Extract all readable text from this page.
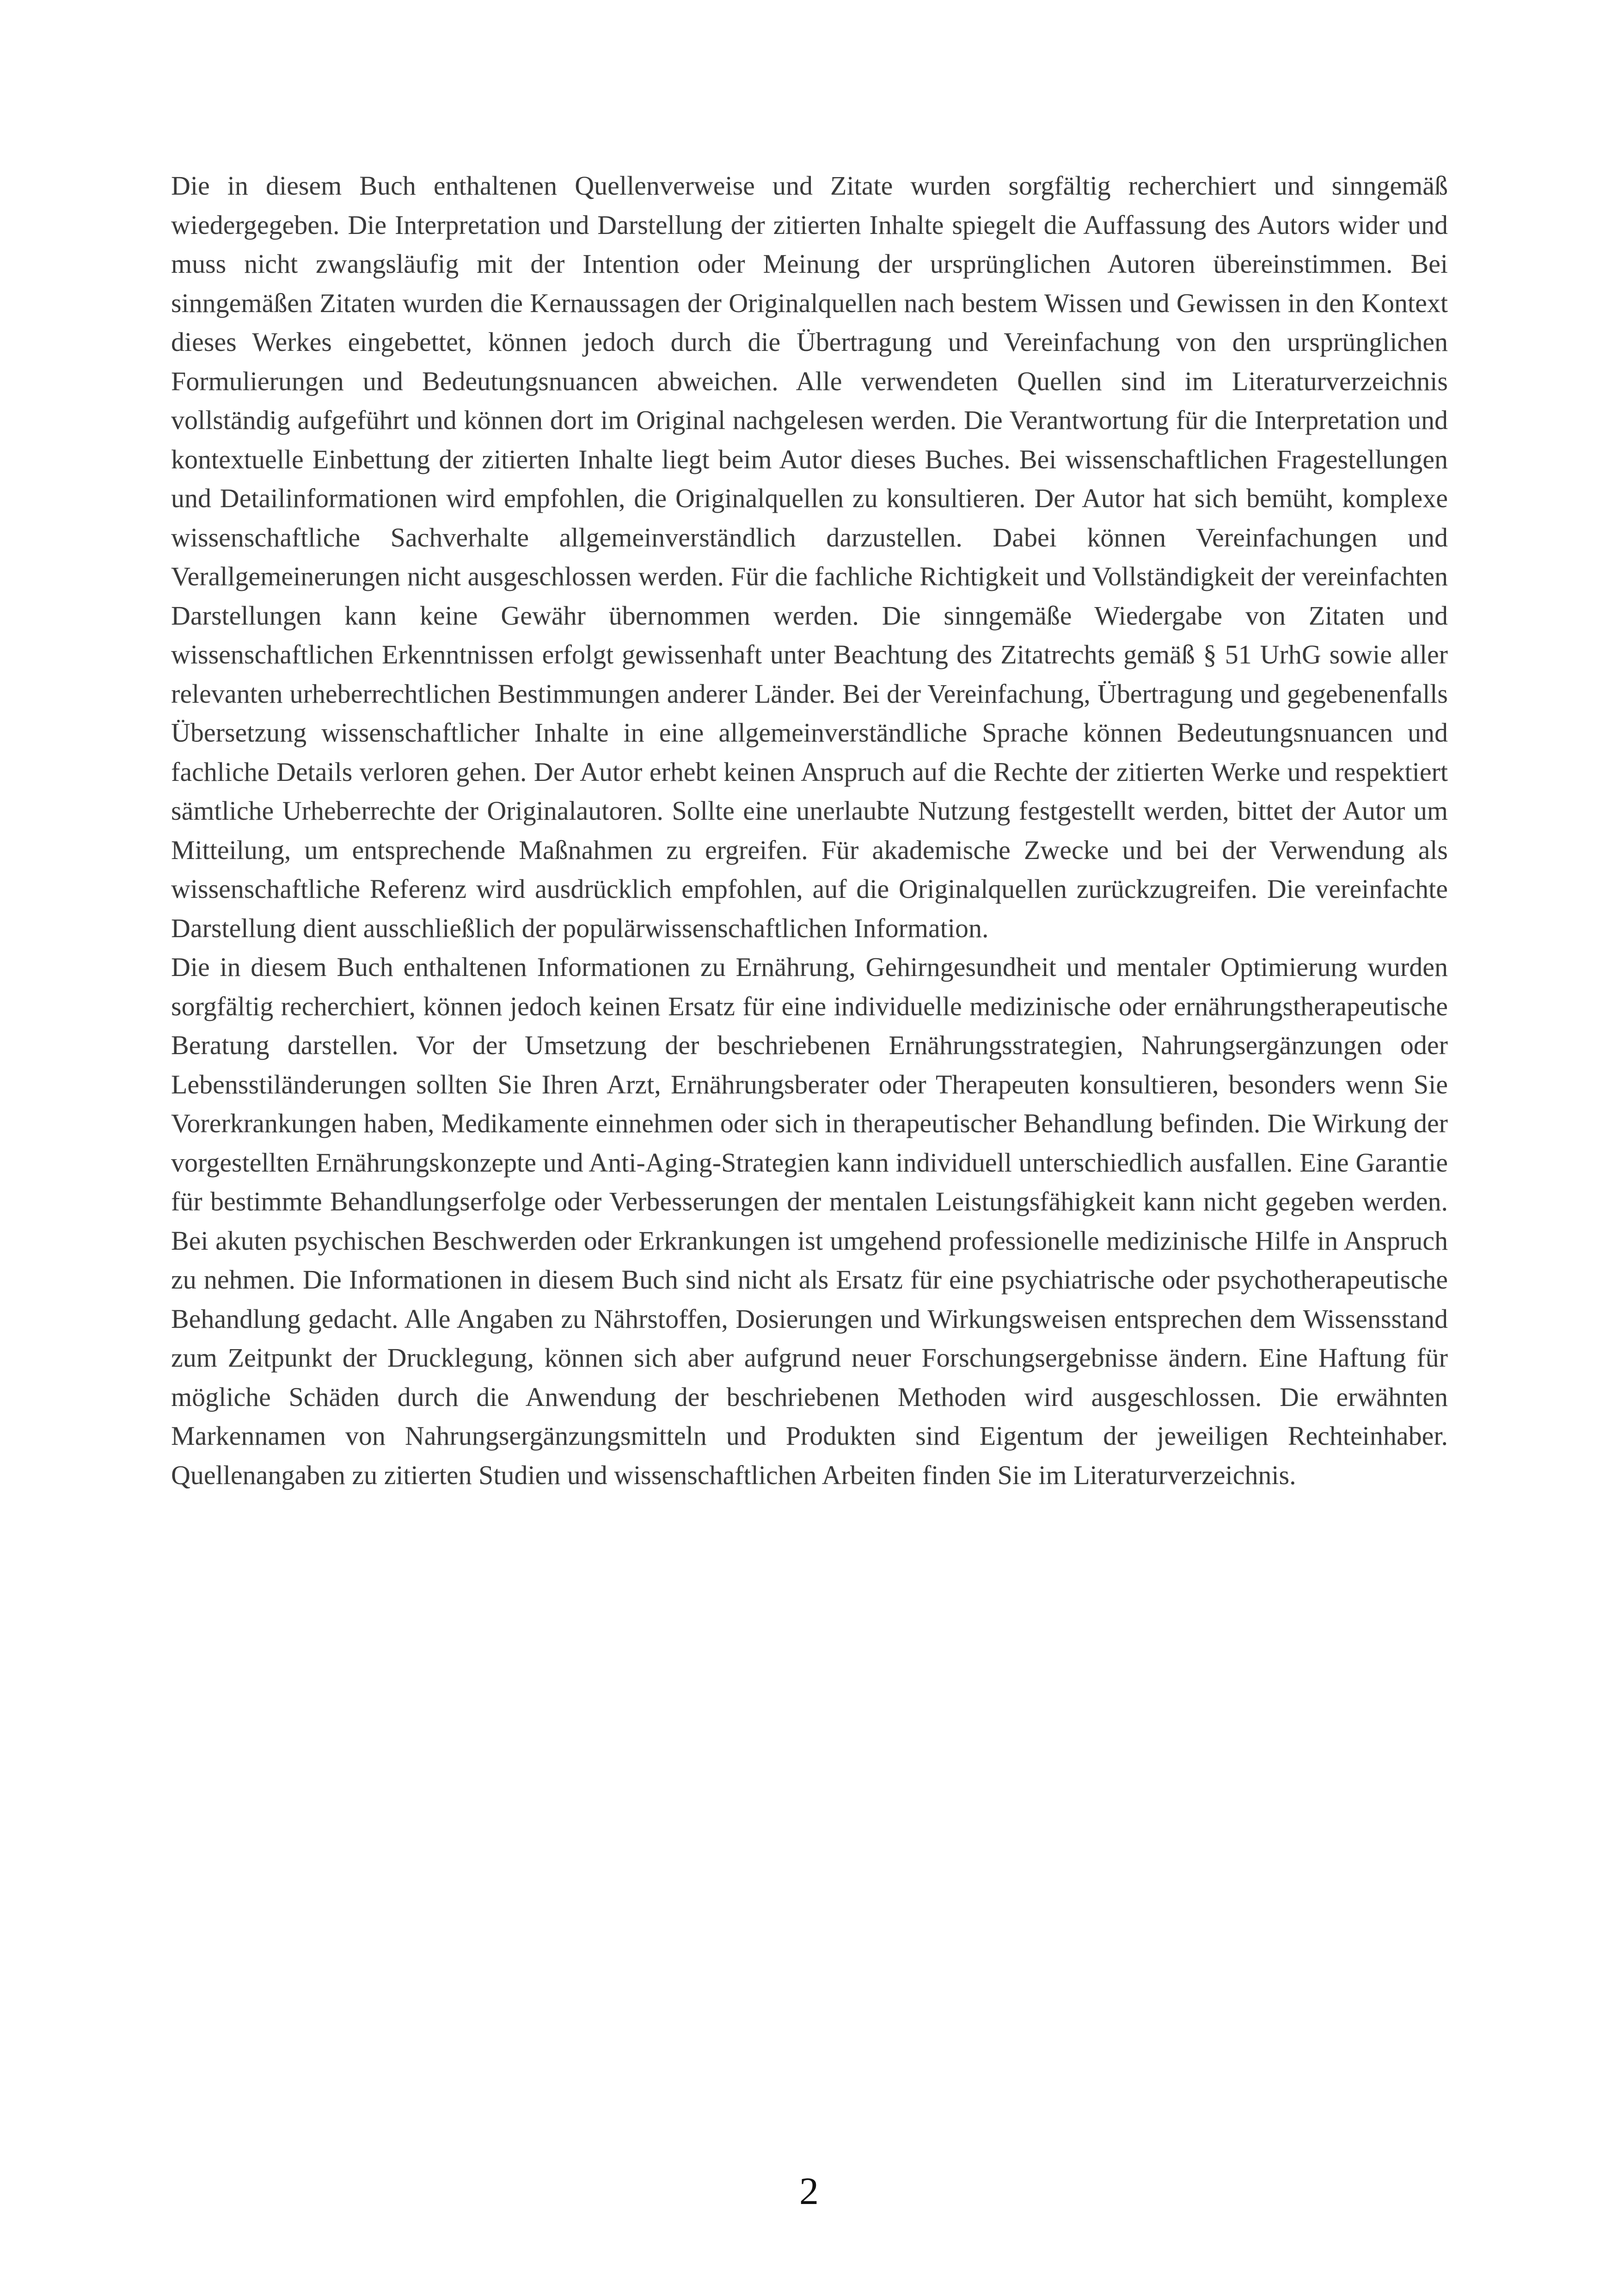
Die in diesem Buch enthaltenen Quellenverweise und Zitate wurden sorgfältig recherchiert und sinngemäß wiedergegeben. Die Interpretation und Darstellung der zitierten Inhalte spiegelt die Auffassung des Autors wider und muss nicht zwangsläufig mit der Intention oder Meinung der ursprünglichen Autoren übereinstimmen. Bei sinngemäßen Zitaten wurden die Kernaussagen der Originalquellen nach bestem Wissen und Gewissen in den Kontext dieses Werkes eingebettet, können jedoch durch die Übertragung und Vereinfachung von den ursprünglichen Formulierungen und Bedeutungsnuancen abweichen. Alle verwendeten Quellen sind im Literaturverzeichnis vollständig aufgeführt und können dort im Original nachgelesen werden. Die Verantwortung für die Interpretation und kontextuelle Einbettung der zitierten Inhalte liegt beim Autor dieses Buches. Bei wissenschaftlichen Fragestellungen und Detailinformationen wird empfohlen, die Originalquellen zu konsultieren. Der Autor hat sich bemüht, komplexe wissenschaftliche Sachverhalte allgemeinverständlich darzustellen. Dabei können Vereinfachungen und Verallgemeinerungen nicht ausgeschlossen werden. Für die fachliche Richtigkeit und Vollständigkeit der vereinfachten Darstellungen kann keine Gewähr übernommen werden. Die sinngemäße Wiedergabe von Zitaten und wissenschaftlichen Erkenntnissen erfolgt gewissenhaft unter Beachtung des Zitatrechts gemäß § 51 UrhG sowie aller relevanten urheberrechtlichen Bestimmungen anderer Länder. Bei der Vereinfachung, Übertragung und gegebenenfalls Übersetzung wissenschaftlicher Inhalte in eine allgemeinverständliche Sprache können Bedeutungsnuancen und fachliche Details verloren gehen. Der Autor erhebt keinen Anspruch auf die Rechte der zitierten Werke und respektiert sämtliche Urheberrechte der Originalautoren. Sollte eine unerlaubte Nutzung festgestellt werden, bittet der Autor um Mitteilung, um entsprechende Maßnahmen zu ergreifen. Für akademische Zwecke und bei der Verwendung als wissenschaftliche Referenz wird ausdrücklich empfohlen, auf die Originalquellen zurückzugreifen. Die vereinfachte Darstellung dient ausschließlich der populärwissenschaftlichen Information.

Die in diesem Buch enthaltenen Informationen zu Ernährung, Gehirngesundheit und mentaler Optimierung wurden sorgfältig recherchiert, können jedoch keinen Ersatz für eine individuelle medizinische oder ernährungstherapeutische Beratung darstellen. Vor der Umsetzung der beschriebenen Ernährungsstrategien, Nahrungsergänzungen oder Lebensstiländerungen sollten Sie Ihren Arzt, Ernährungsberater oder Therapeuten konsultieren, besonders wenn Sie Vorerkrankungen haben, Medikamente einnehmen oder sich in therapeutischer Behandlung befinden. Die Wirkung der vorgestellten Ernährungskonzepte und Anti-Aging-Strategien kann individuell unterschiedlich ausfallen. Eine Garantie für bestimmte Behandlungserfolge oder Verbesserungen der mentalen Leistungsfähigkeit kann nicht gegeben werden. Bei akuten psychischen Beschwerden oder Erkrankungen ist umgehend professionelle medizinische Hilfe in Anspruch zu nehmen. Die Informationen in diesem Buch sind nicht als Ersatz für eine psychiatrische oder psychotherapeutische Behandlung gedacht. Alle Angaben zu Nährstoffen, Dosierungen und Wirkungsweisen entsprechen dem Wissensstand zum Zeitpunkt der Drucklegung, können sich aber aufgrund neuer Forschungsergebnisse ändern. Eine Haftung für mögliche Schäden durch die Anwendung der beschriebenen Methoden wird ausgeschlossen. Die erwähnten Markennamen von Nahrungsergänzungsmitteln und Produkten sind Eigentum der jeweiligen Rechteinhaber. Quellenangaben zu zitierten Studien und wissenschaftlichen Arbeiten finden Sie im Literaturverzeichnis.

2
